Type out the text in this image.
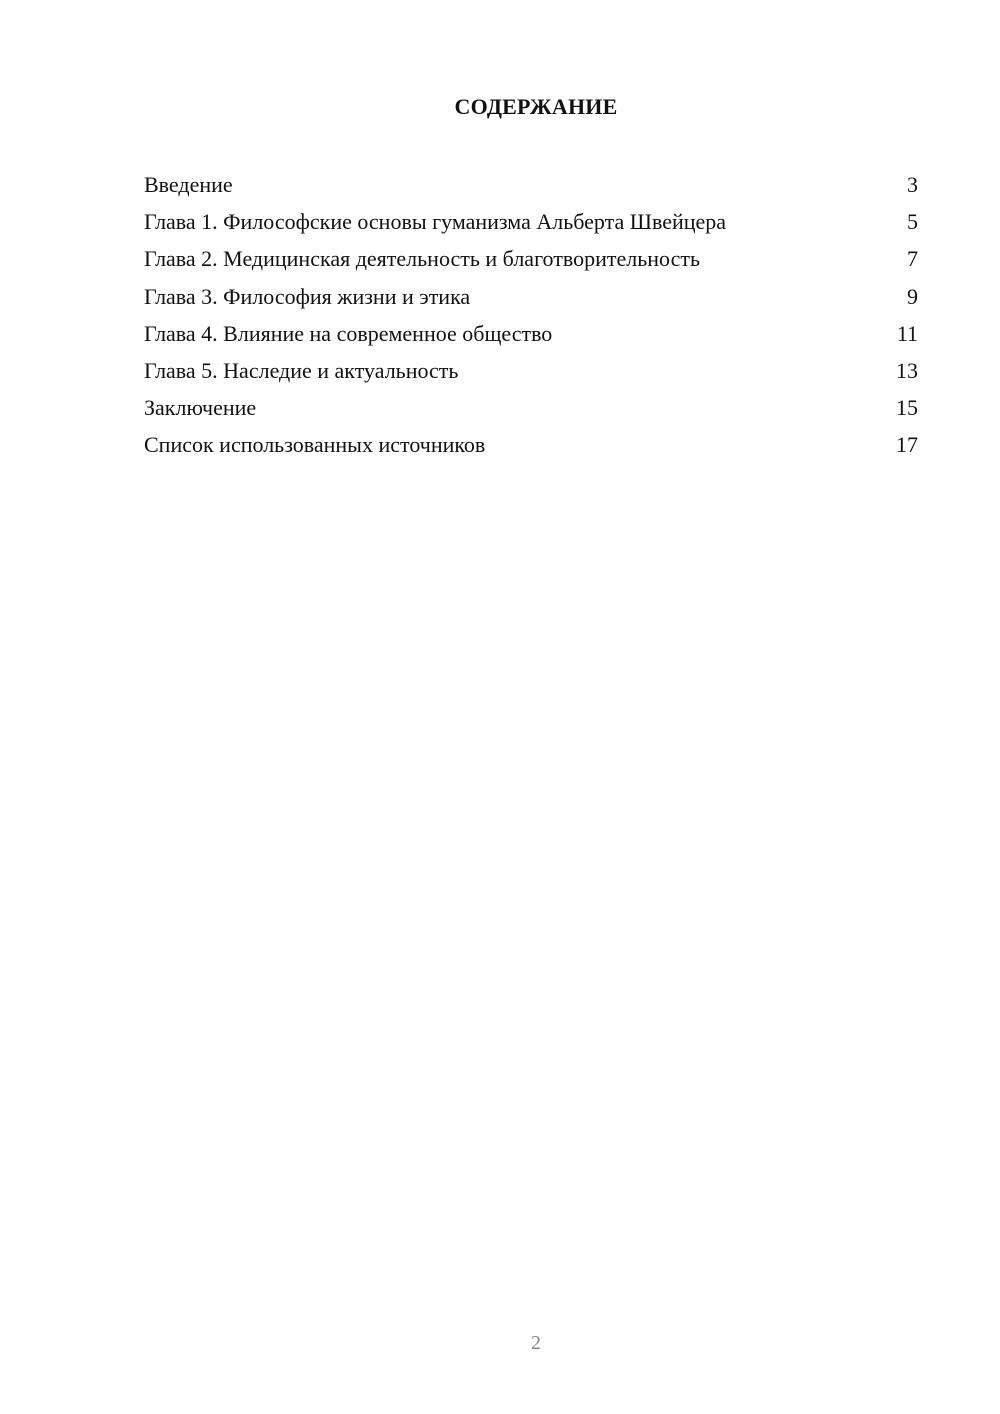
СОДЕРЖАНИЕ
Введение	3
Глава 1. Философские основы гуманизма Альберта Швейцера	5
Глава 2. Медицинская деятельность и благотворительность	7
Глава 3. Философия жизни и этика	9
Глава 4. Влияние на современное общество	11
Глава 5. Наследие и актуальность	13
Заключение	15
Список использованных источников	17
2
